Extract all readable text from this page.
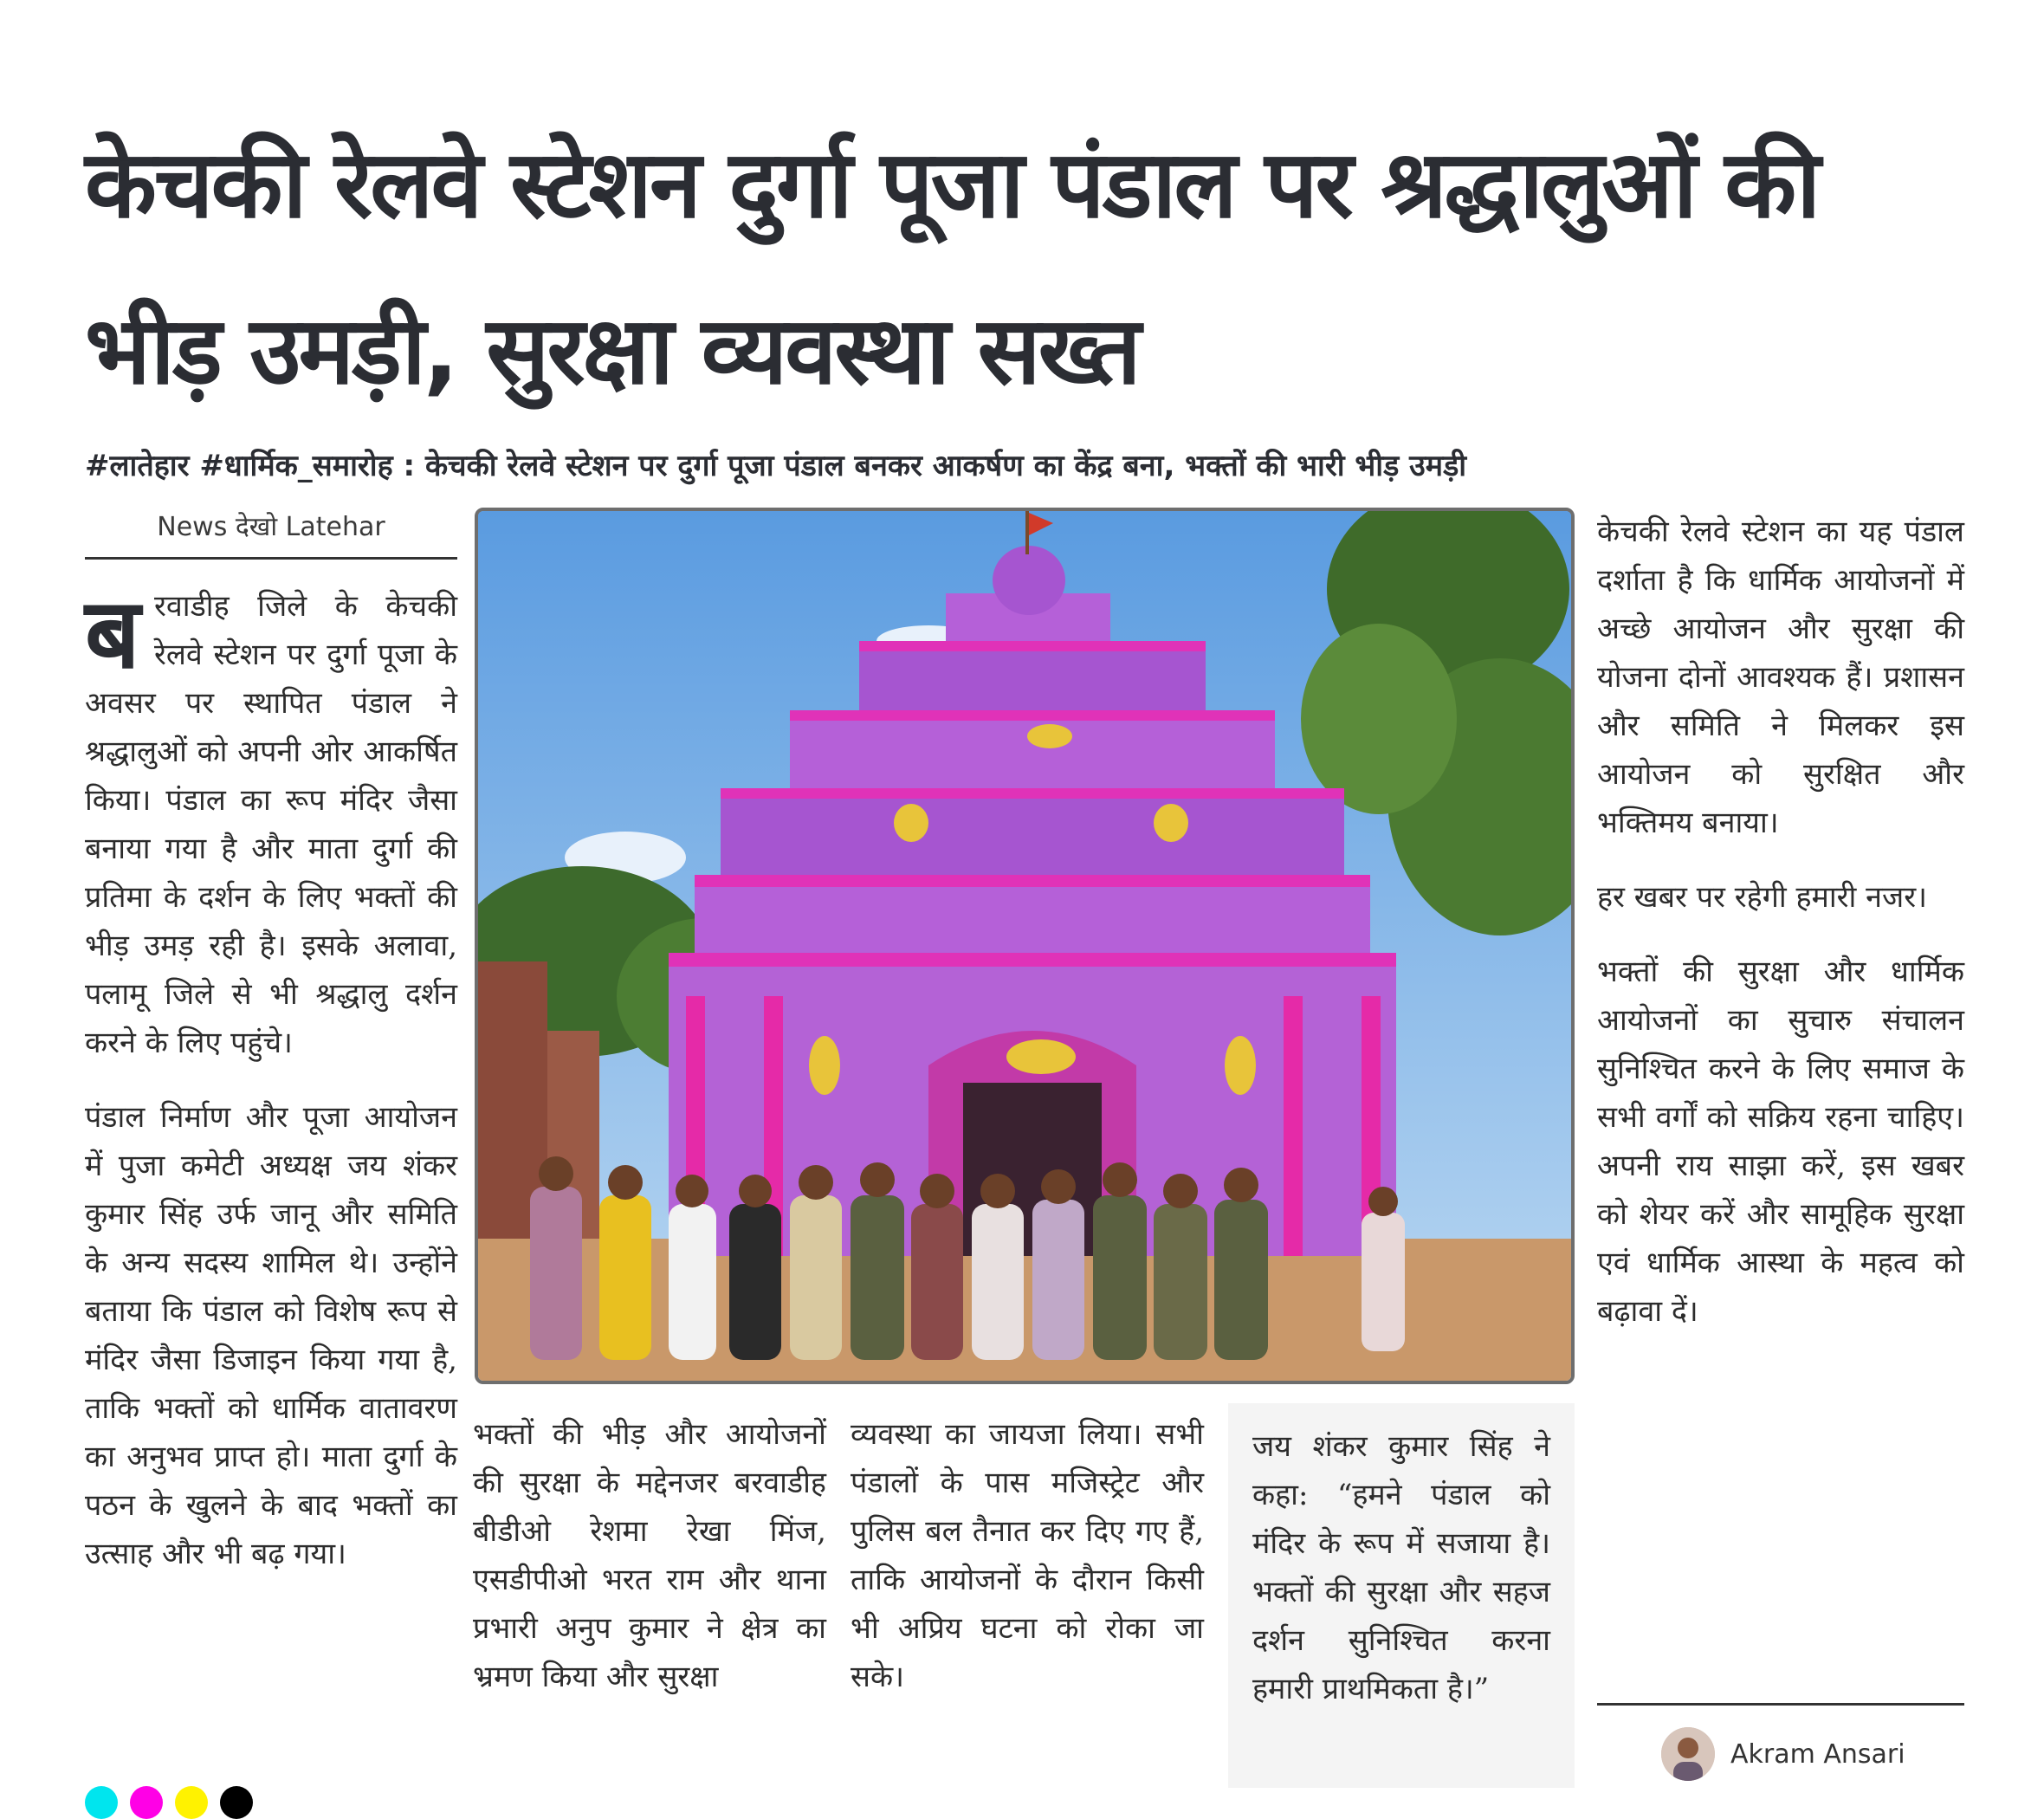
केचकी रेलवे स्टेशन दुर्गा पूजा पंडाल पर श्रद्धालुओं की भीड़ उमड़ी, सुरक्षा व्यवस्था सख्त
#लातेहार #धार्मिक_समारोह : केचकी रेलवे स्टेशन पर दुर्गा पूजा पंडाल बनकर आकर्षण का केंद्र बना, भक्तों की भारी भीड़ उमड़ी
News देखो Latehar
ब रवाडीह जिले के केचकी रेलवे स्टेशन पर दुर्गा पूजा के अवसर पर स्थापित पंडाल ने श्रद्धालुओं को अपनी ओर आकर्षित किया। पंडाल का रूप मंदिर जैसा बनाया गया है और माता दुर्गा की प्रतिमा के दर्शन के लिए भक्तों की भीड़ उमड़ रही है। इसके अलावा, पलामू जिले से भी श्रद्धालु दर्शन करने के लिए पहुंचे।

पंडाल निर्माण और पूजा आयोजन में पुजा कमेटी अध्यक्ष जय शंकर कुमार सिंह उर्फ जानू और समिति के अन्य सदस्य शामिल थे। उन्होंने बताया कि पंडाल को विशेष रूप से मंदिर जैसा डिजाइन किया गया है, ताकि भक्तों को धार्मिक वातावरण का अनुभव प्राप्त हो। माता दुर्गा के पठन के खुलने के बाद भक्तों का उत्साह और भी बढ़ गया।

भक्तों की भीड़ और आयोजनों की सुरक्षा के मद्देनजर बरवाडीह बीडीओ रेशमा रेखा मिंज, एसडीपीओ भरत राम और थाना प्रभारी अनुप कुमार ने क्षेत्र का भ्रमण किया और सुरक्षा

व्यवस्था का जायजा लिया। सभी पंडालों के पास मजिस्ट्रेट और पुलिस बल तैनात कर दिए गए हैं, ताकि आयोजनों के दौरान किसी भी अप्रिय घटना को रोका जा सके।

जय शंकर कुमार सिंह ने कहा: “हमने पंडाल को मंदिर के रूप में सजाया है। भक्तों की सुरक्षा और सहज दर्शन सुनिश्चित करना हमारी प्राथमिकता है।”

केचकी रेलवे स्टेशन का यह पंडाल दर्शाता है कि धार्मिक आयोजनों में अच्छे आयोजन और सुरक्षा की योजना दोनों आवश्यक हैं। प्रशासन और समिति ने मिलकर इस आयोजन को सुरक्षित और भक्तिमय बनाया।

हर खबर पर रहेगी हमारी नजर।

भक्तों की सुरक्षा और धार्मिक आयोजनों का सुचारु संचालन सुनिश्चित करने के लिए समाज के सभी वर्गों को सक्रिय रहना चाहिए। अपनी राय साझा करें, इस खबर को शेयर करें और सामूहिक सुरक्षा एवं धार्मिक आस्था के महत्व को बढ़ावा दें।

Akram Ansari
